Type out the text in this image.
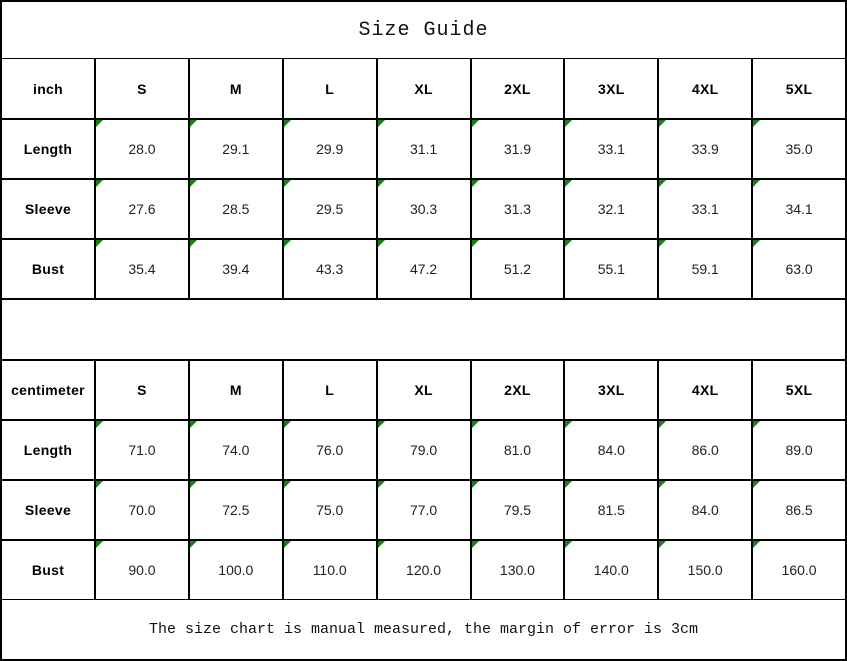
Size Guide
inch	S	M	L	XL	2XL	3XL	4XL	5XL
Length	28.0	29.1	29.9	31.1	31.9	33.1	33.9	35.0
Sleeve	27.6	28.5	29.5	30.3	31.3	32.1	33.1	34.1
Bust	35.4	39.4	43.3	47.2	51.2	55.1	59.1	63.0
centimeter	S	M	L	XL	2XL	3XL	4XL	5XL
Length	71.0	74.0	76.0	79.0	81.0	84.0	86.0	89.0
Sleeve	70.0	72.5	75.0	77.0	79.5	81.5	84.0	86.5
Bust	90.0	100.0	110.0	120.0	130.0	140.0	150.0	160.0
The size chart is manual measured, the margin of error is 3cm
